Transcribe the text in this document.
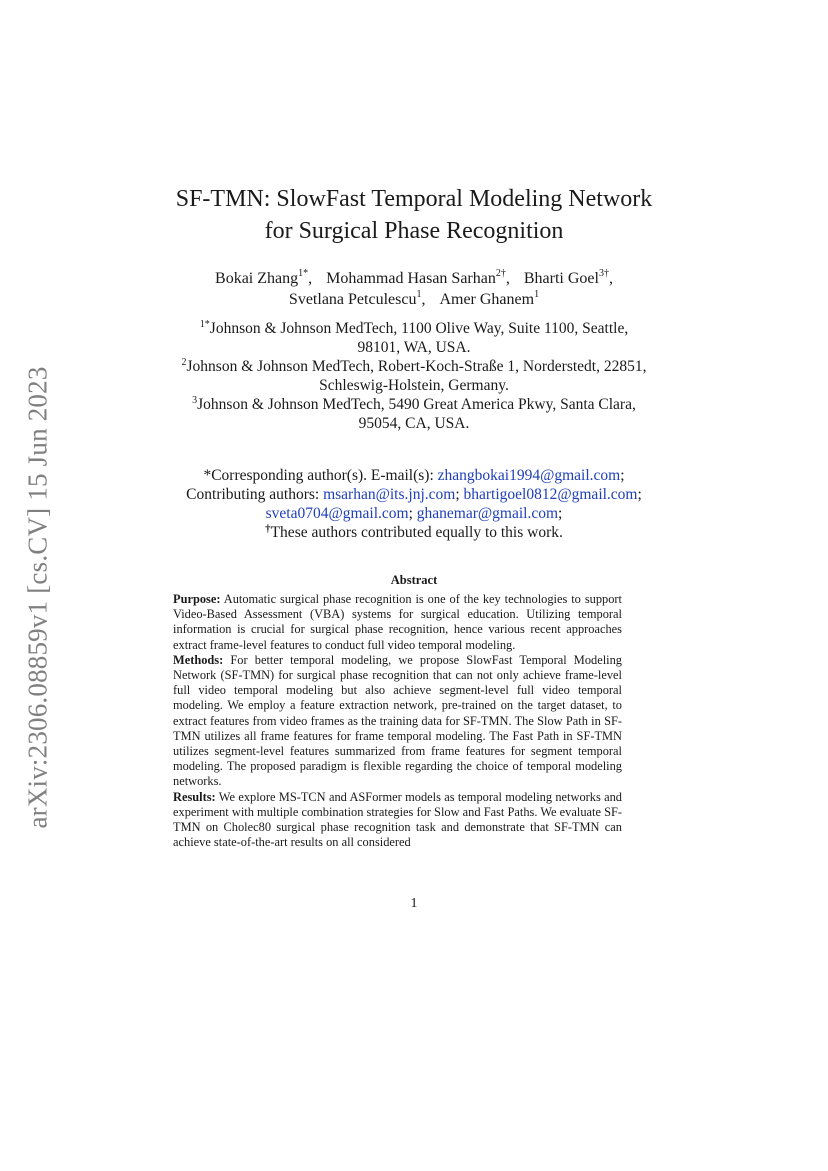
arXiv:2306.08859v1 [cs.CV] 15 Jun 2023
SF-TMN: SlowFast Temporal Modeling Network
for Surgical Phase Recognition
Bokai Zhang$^{1*}$, Mohammad Hasan Sarhan$^{2\dagger}$, Bharti Goel$^{3\dagger}$,
Svetlana Petculescu$^1$, Amer Ghanem$^1$
$^{1*}$Johnson & Johnson MedTech, 1100 Olive Way, Suite 1100, Seattle, 98101, WA, USA.
$^2$Johnson & Johnson MedTech, Robert-Koch-Straße 1, Norderstedt, 22851, Schleswig-Holstein, Germany.
$^3$Johnson & Johnson MedTech, 5490 Great America Pkwy, Santa Clara, 95054, CA, USA.
*Corresponding author(s). E-mail(s): zhangbokai1994@gmail.com;
Contributing authors: msarhan@its.jnj.com; bhartigoel0812@gmail.com;
sveta0704@gmail.com; ghanemar@gmail.com;
†These authors contributed equally to this work.
Abstract

Purpose: Automatic surgical phase recognition is one of the key technologies to support Video-Based Assessment (VBA) systems for surgical education. Utilizing temporal information is crucial for surgical phase recognition, hence various recent approaches extract frame-level features to conduct full video temporal modeling.

Methods: For better temporal modeling, we propose SlowFast Temporal Modeling Network (SF-TMN) for surgical phase recognition that can not only achieve frame-level full video temporal modeling but also achieve segment-level full video temporal modeling. We employ a feature extraction network, pre-trained on the target dataset, to extract features from video frames as the training data for SF-TMN. The Slow Path in SF-TMN utilizes all frame features for frame temporal modeling. The Fast Path in SF-TMN utilizes segment-level features summarized from frame features for segment temporal modeling. The proposed paradigm is flexible regarding the choice of temporal modeling networks.

Results: We explore MS-TCN and ASFormer models as temporal modeling networks and experiment with multiple combination strategies for Slow and Fast Paths. We evaluate SF-TMN on Cholec80 surgical phase recognition task and demonstrate that SF-TMN can achieve state-of-the-art results on all considered

1
